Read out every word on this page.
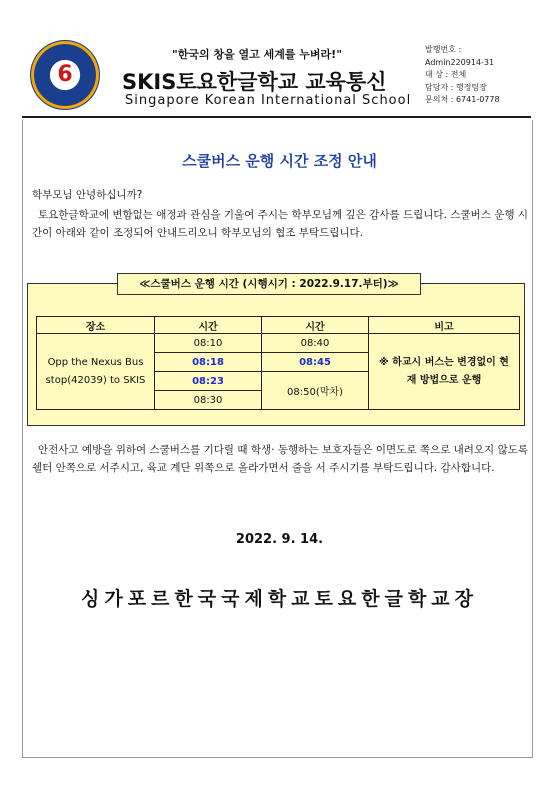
6
"한국의 창을 열고 세계를 누벼라!"
SKIS토요한글학교 교육통신
Singapore Korean International School
발행번호 :
Admin220914-31
대 상 : 전체
담당자 : 행정팀장
문의처 : 6741-0778
스쿨버스 운행 시간 조정 안내
학부모님 안녕하십니까?
토요한글학교에 변함없는 애정과 관심을 기울여 주시는 학부모님께 깊은 감사를 드립니다. 스쿨버스 운행 시간이 아래와 같이 조정되어 안내드리오니 학부모님의 협조 부탁드립니다.
≪스쿨버스 운행 시간 (시행시기 : 2022.9.17.부터)≫
장소	시간	시간	비고
Opp the Nexus Bus stop(42039) to SKIS	08:10	08:40	※ 하교시 버스는 변경없이 현재 방법으로 운행
	08:18	08:45	
	08:23	08:50(막차)	
	08:30		
안전사고 예방을 위하여 스쿨버스를 기다릴 때 학생· 동행하는 보호자들은 이면도로 쪽으로 내려오지 않도록 쉘터 안쪽으로 서주시고, 육교 계단 위쪽으로 올라가면서 줄을 서 주시기를 부탁드립니다. 감사합니다.
2022. 9. 14.
싱가포르한국국제학교토요한글학교장
